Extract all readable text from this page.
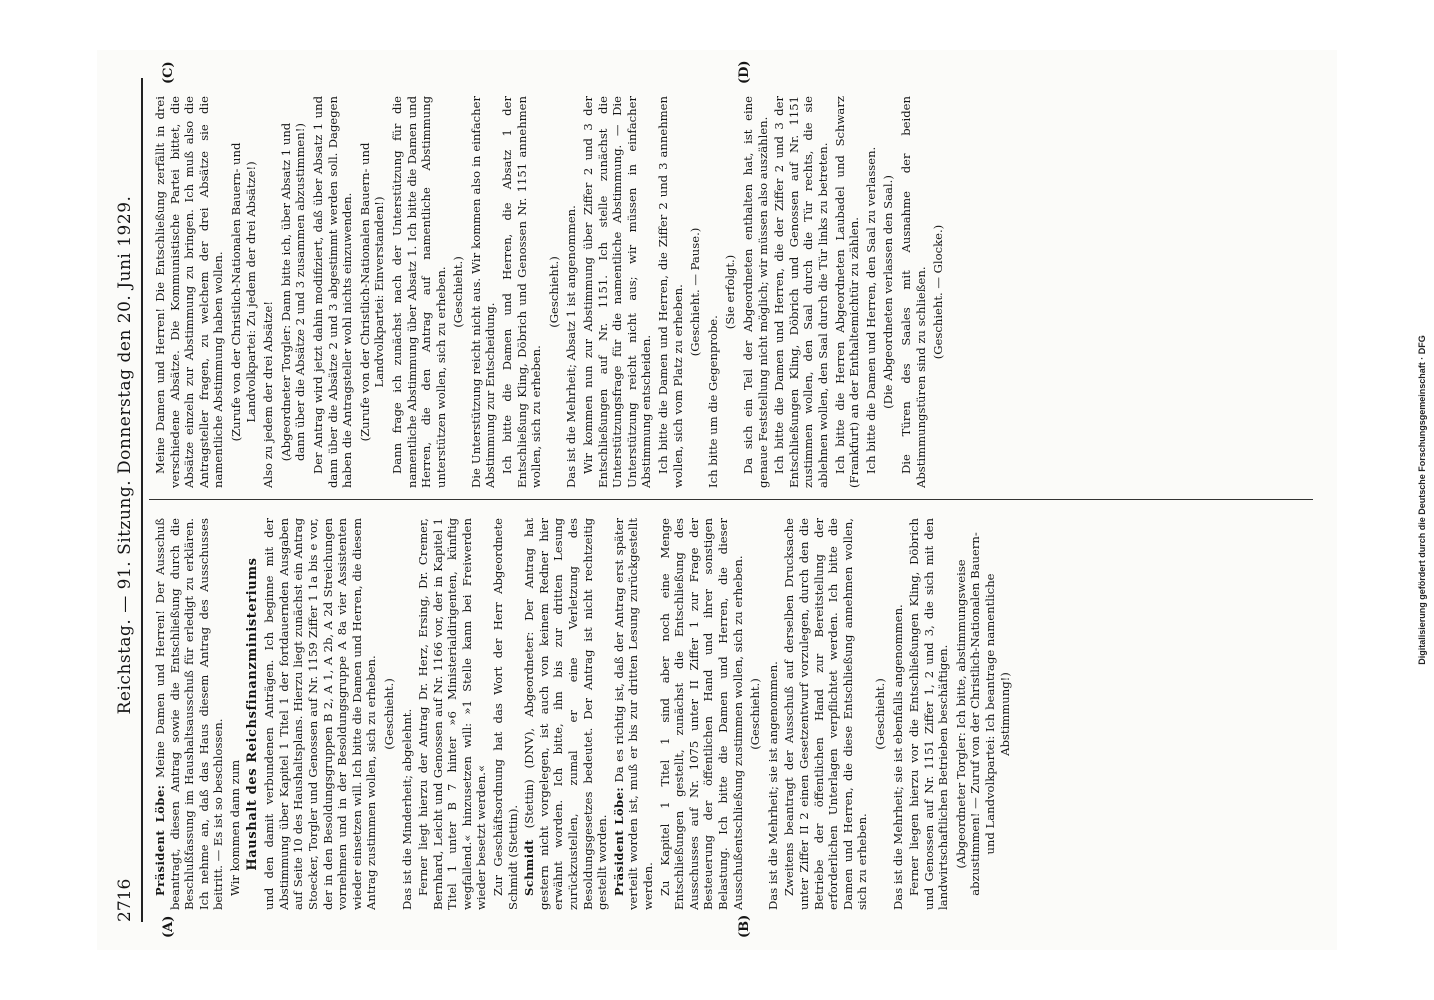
2716
Reichstag. — 91. Sitzung. Donnerstag den 20. Juni 1929.
(A)	(B)
(C)	(D)

Präsident Löbe: Meine Damen und Herren! Der Ausschuß beantragt, diesen Antrag sowie die Entschließung durch die Beschlußfassung im Haushaltsausschuß für erledigt zu erklären. Ich nehme an, daß das Haus diesem Antrag des Ausschusses beitritt. — Es ist so beschlossen. Wir kommen dann zum Haushalt des Reichsfinanzministeriums und den damit verbundenen Anträgen. Ich beginne mit der Abstimmung über Kapitel 1 Titel 1 der fortdauernden Ausgaben auf Seite 10 des Haushaltsplans. Hierzu liegt zunächst ein Antrag Stoecker, Torgler und Genossen auf Nr. 1159 Ziffer 1 1a bis e vor, der in den Besoldungsgruppen B 2, A 1, A 2b, A 2d Streichungen vornehmen und in der Besoldungsgruppe A 8a vier Assistenten wieder einsetzen will. Ich bitte die Damen und Herren, die diesem Antrag zustimmen wollen, sich zu erheben. (Geschieht.) Das ist die Minderheit; abgelehnt. Ferner liegt hierzu der Antrag Dr. Herz, Ersing, Dr. Cremer, Bernhard, Leicht und Genossen auf Nr. 1166 vor, der in Kapitel 1 Titel 1 unter B 7 hinter »6 Ministerialdirigenten, künftig wegfallend.« hinzusetzen will: »1 Stelle kann bei Freiwerden wieder besetzt werden.« Zur Geschäftsordnung hat das Wort der Herr Abgeordnete Schmidt (Stettin). Schmidt (Stettin) (DNV), Abgeordneter: Der Antrag hat gestern nicht vorgelegen, ist auch von keinem Redner hier erwähnt worden. Ich bitte, ihn bis zur dritten Lesung zurückzustellen, zumal er eine Verletzung des Besoldungsgesetzes bedeutet. Der Antrag ist nicht rechtzeitig gestellt worden. Präsident Löbe: Da es richtig ist, daß der Antrag erst später verteilt worden ist, muß er bis zur dritten Lesung zurückgestellt werden. Zu Kapitel 1 Titel 1 sind aber noch eine Menge Entschließungen gestellt, zunächst die Entschließung des Ausschusses auf Nr. 1075 unter II Ziffer 1 zur Frage der Besteuerung der öffentlichen Hand und ihrer sonstigen Belastung. Ich bitte die Damen und Herren, die dieser Ausschußentschließung zustimmen wollen, sich zu erheben. (Geschieht.) Das ist die Mehrheit; sie ist angenommen. Zweitens beantragt der Ausschuß auf derselben Drucksache unter Ziffer II 2 einen Gesetzentwurf vorzulegen, durch den die Betriebe der öffentlichen Hand zur Bereitstellung der erforderlichen Unterlagen verpflichtet werden. Ich bitte die Damen und Herren, die diese Entschließung annehmen wollen, sich zu erheben.

(Geschieht.) Das ist die Mehrheit; sie ist ebenfalls angenommen. Ferner liegen hierzu vor die Entschließungen Kling, Döbrich und Genossen auf Nr. 1151 Ziffer 1, 2 und 3, die sich mit den landwirtschaftlichen Betrieben beschäftigen. (Abgeordneter Torgler: Ich bitte, abstimmungsweise abzustimmen! — Zuruf von der Christlich-Nationalen Bauern- und Landvolkpartei: Ich beantrage namentliche Abstimmung!)

Meine Damen und Herren! Die Entschließung zerfällt in drei verschiedene Absätze. Die Kommunistische Partei bittet, die Absätze einzeln zur Abstimmung zu bringen. Ich muß also die Antragsteller fragen, zu welchem der drei Absätze sie die namentliche Abstimmung haben wollen. (Zurufe von der Christlich-Nationalen Bauern- und Landvolkpartei: Zu jedem der drei Absätze!) Also zu jedem der drei Absätze! (Abgeordneter Torgler: Dann bitte ich, über Absatz 1 und dann über die Absätze 2 und 3 zusammen abzustimmen!) Der Antrag wird jetzt dahin modifiziert, daß über Absatz 1 und dann über die Absätze 2 und 3 abgestimmt werden soll. Dagegen haben die Antragsteller wohl nichts einzuwenden. (Zurufe von der Christlich-Nationalen Bauern- und Landvolkpartei: Einverstanden!) Dann frage ich zunächst nach der Unterstützung für die namentliche Abstimmung über Absatz 1. Ich bitte die Damen und Herren, die den Antrag auf namentliche Abstimmung unterstützen wollen, sich zu erheben. (Geschieht.) Die Unterstützung reicht nicht aus. Wir kommen also in einfacher Abstimmung zur Entscheidung. Ich bitte die Damen und Herren, die Absatz 1 der Entschließung Kling, Döbrich und Genossen Nr. 1151 annehmen wollen, sich zu erheben.

(Geschieht.) Das ist die Mehrheit; Absatz 1 ist angenommen. Wir kommen nun zur Abstimmung über Ziffer 2 und 3 der Entschließungen auf Nr. 1151. Ich stelle zunächst die Unterstützungsfrage für die namentliche Abstimmung. — Die Unterstützung reicht nicht aus; wir müssen in einfacher Abstimmung entscheiden. Ich bitte die Damen und Herren, die Ziffer 2 und 3 annehmen wollen, sich vom Platz zu erheben. (Geschieht. — Pause.)

Ich bitte um die Gegenprobe.

(Sie erfolgt.) Da sich ein Teil der Abgeordneten enthalten hat, ist eine genaue Feststellung nicht möglich; wir müssen also auszählen. Ich bitte die Damen und Herren, die der Ziffer 2 und 3 der Entschließungen Kling, Döbrich und Genossen auf Nr. 1151 zustimmen wollen, den Saal durch die Tür rechts, die sie ablehnen wollen, den Saal durch die Tür links zu betreten. Ich bitte die Herren Abgeordneten Laubadel und Schwarz (Frankfurt) an der Enthaltemichtür zu zählen. Ich bitte die Damen und Herren, den Saal zu verlassen. (Die Abgeordneten verlassen den Saal.) Die Türen des Saales mit Ausnahme der beiden Abstimmungstüren sind zu schließen. (Geschieht. — Glocke.)

Digitalisierung gefördert durch die Deutsche Forschungsgemeinschaft · DFG
